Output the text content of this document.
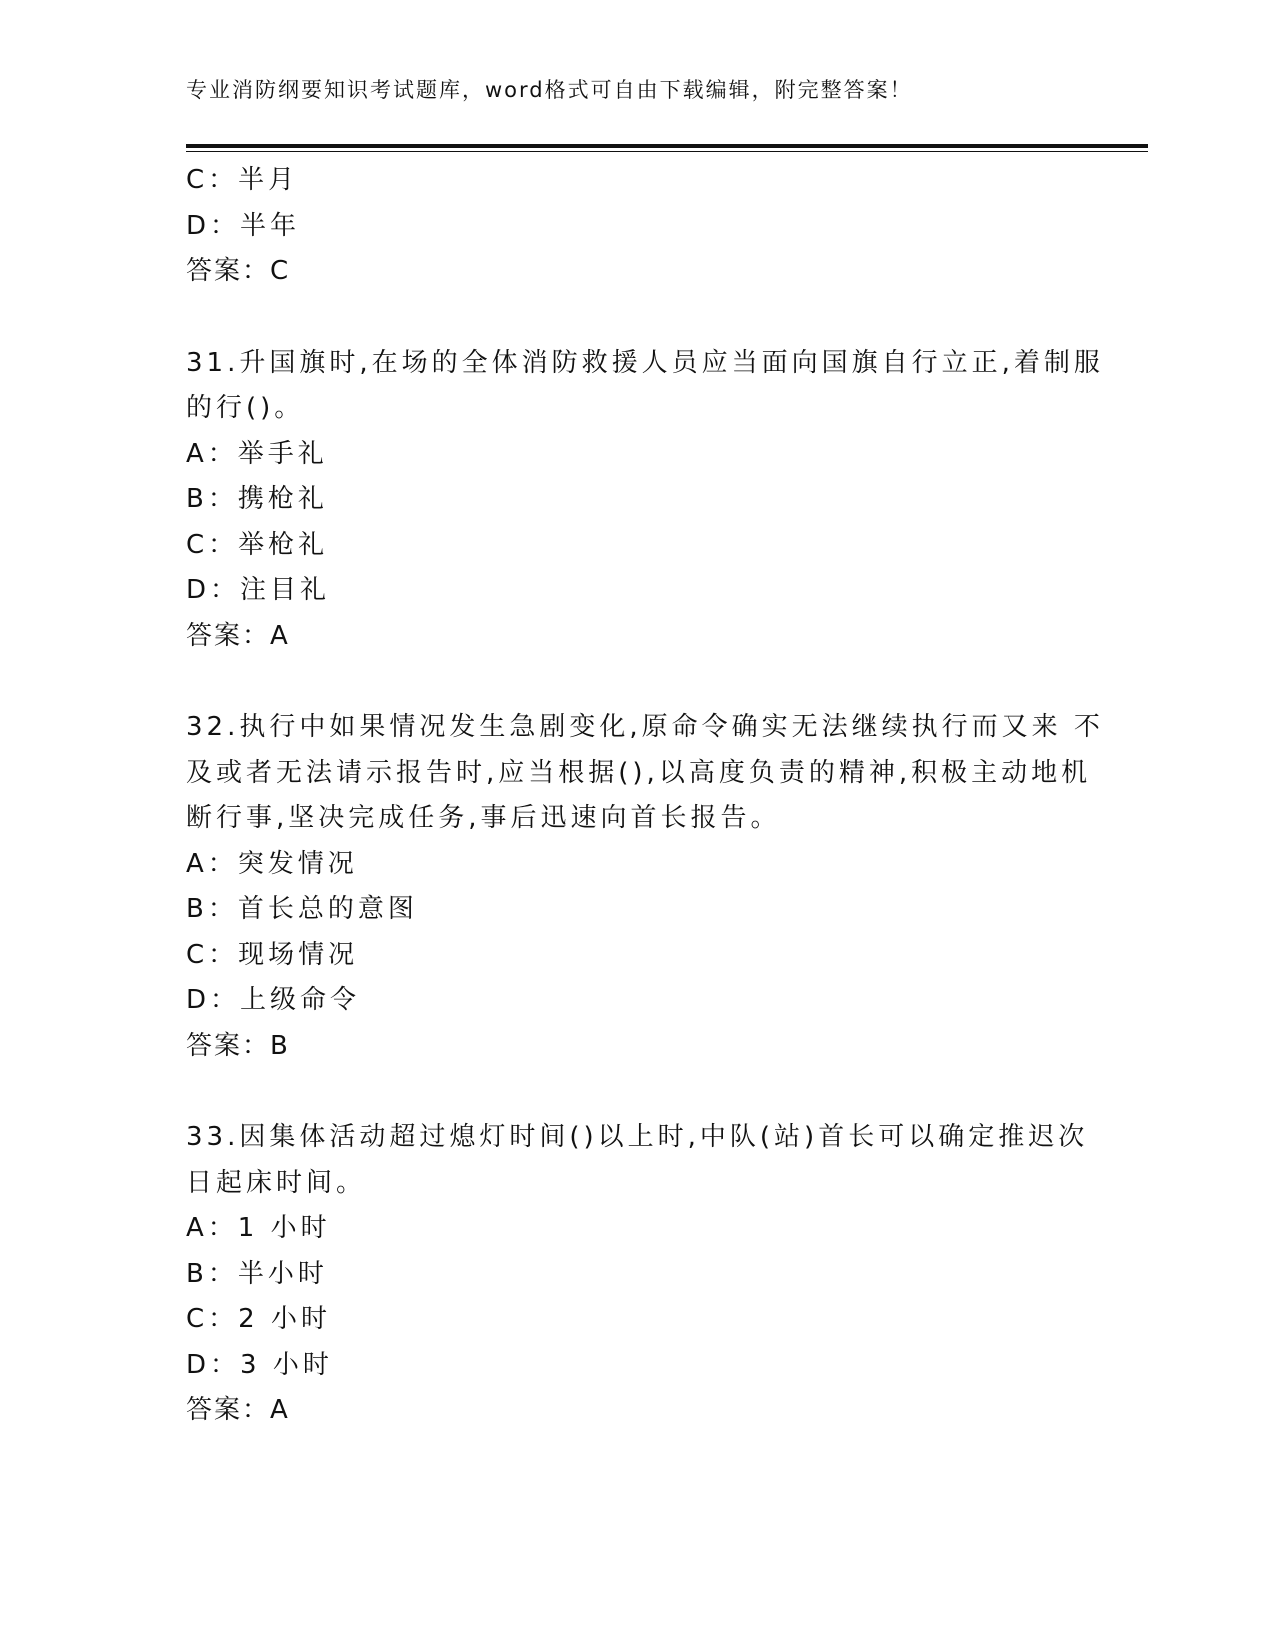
专业消防纲要知识考试题库，word格式可自由下载编辑，附完整答案！
C：半月
D：半年
答案：C
31.升国旗时,在场的全体消防救援人员应当面向国旗自行立正,着制服
的行()。
A：举手礼
B：携枪礼
C：举枪礼
D：注目礼
答案：A
32.执行中如果情况发生急剧变化,原命令确实无法继续执行而又来 不
及或者无法请示报告时,应当根据(),以高度负责的精神,积极主动地机
断行事,坚决完成任务,事后迅速向首长报告。
A：突发情况
B：首长总的意图
C：现场情况
D：上级命令
答案：B
33.因集体活动超过熄灯时间()以上时,中队(站)首长可以确定推迟次
日起床时间。
A：1 小时
B：半小时
C：2 小时
D：3 小时
答案：A
